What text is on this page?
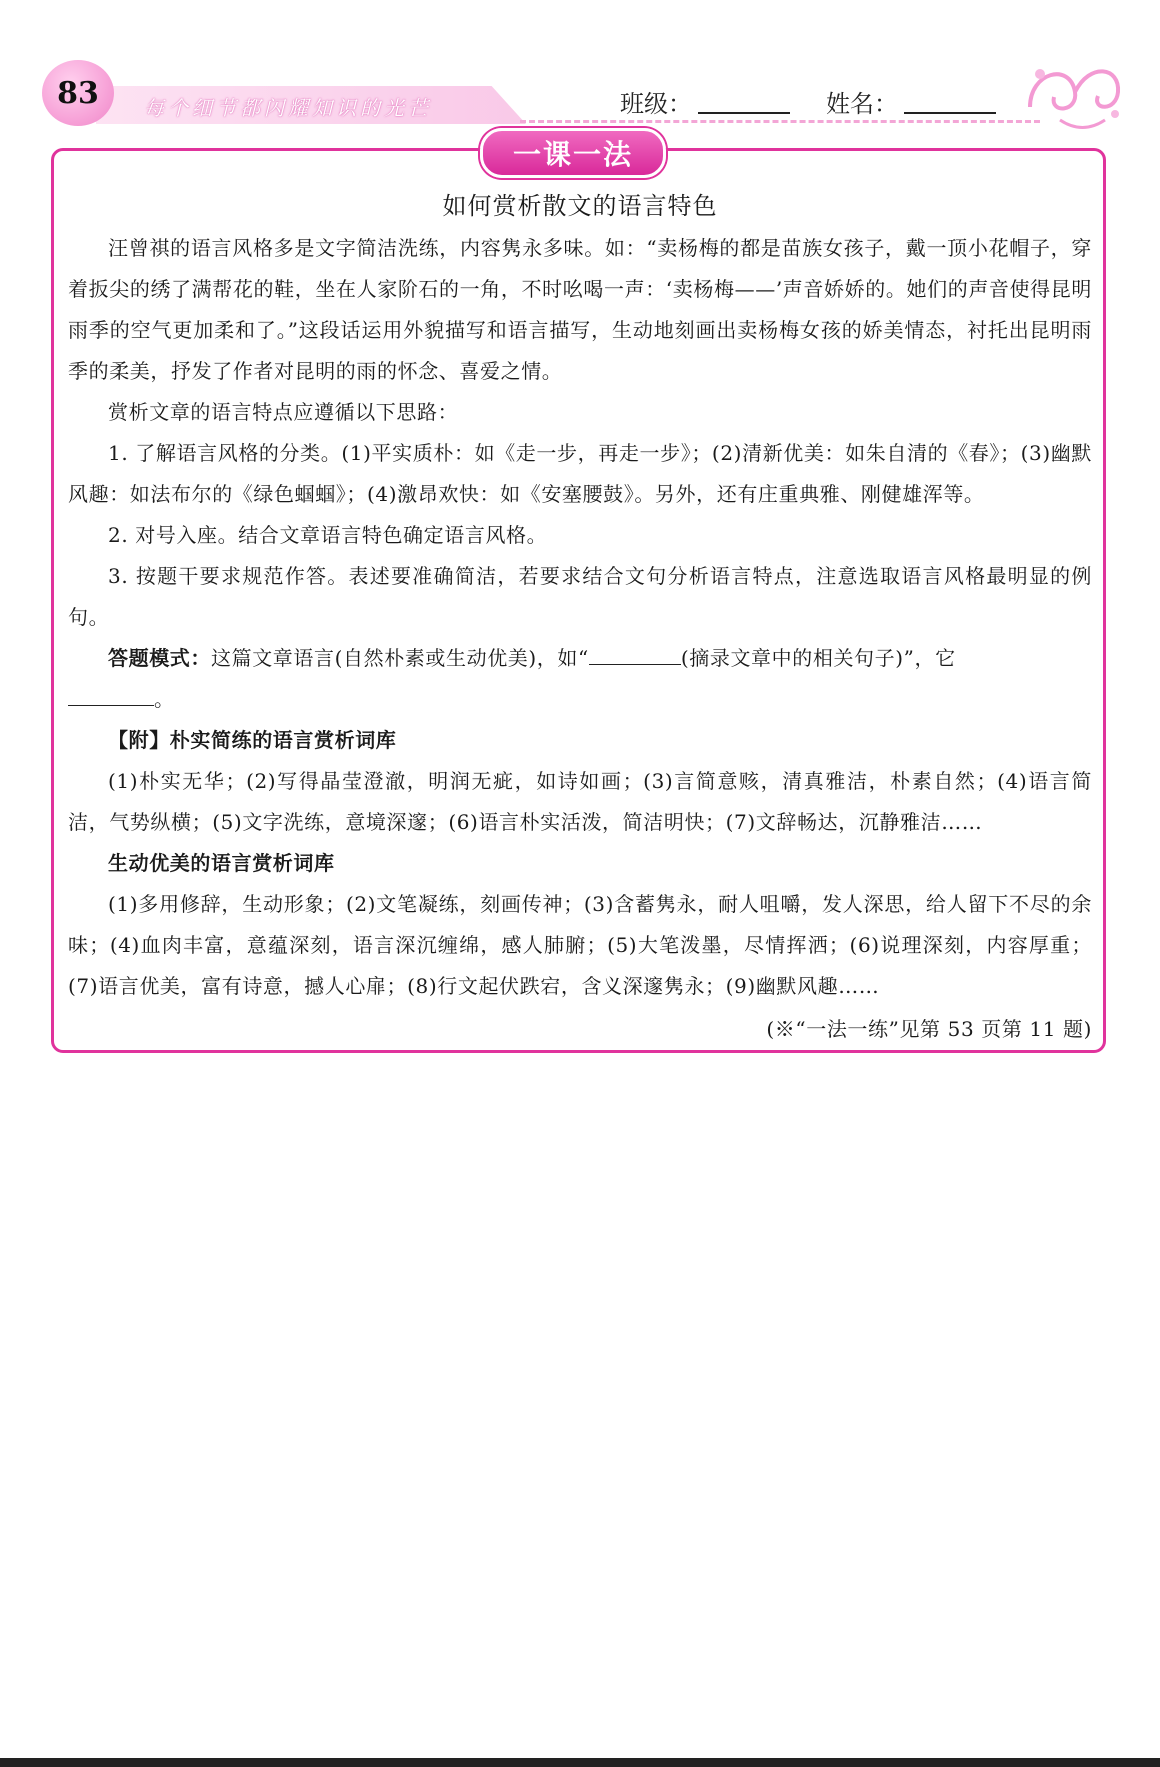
83	每个细节都闪耀知识的光芒	班级：	姓名：
一课一法
如何赏析散文的语言特色

汪曾祺的语言风格多是文字简洁洗练，内容隽永多味。如：“卖杨梅的都是苗族女孩子，戴一顶小花帽子，穿着扳尖的绣了满帮花的鞋，坐在人家阶石的一角，不时吆喝一声：‘卖杨梅——’声音娇娇的。她们的声音使得昆明雨季的空气更加柔和了。”这段话运用外貌描写和语言描写，生动地刻画出卖杨梅女孩的娇美情态，衬托出昆明雨季的柔美，抒发了作者对昆明的雨的怀念、喜爱之情。

赏析文章的语言特点应遵循以下思路：

1. 了解语言风格的分类。(1)平实质朴：如《走一步，再走一步》；(2)清新优美：如朱自清的《春》；(3)幽默风趣：如法布尔的《绿色蝈蝈》；(4)激昂欢快：如《安塞腰鼓》。另外，还有庄重典雅、刚健雄浑等。

2. 对号入座。结合文章语言特色确定语言风格。

3. 按题干要求规范作答。表述要准确简洁，若要求结合文句分析语言特点，注意选取语言风格最明显的例句。

答题模式：这篇文章语言(自然朴素或生动优美)，如“	(摘录文章中的相关句子)”，它

。

【附】朴实简练的语言赏析词库

(1)朴实无华；(2)写得晶莹澄澈，明润无疵，如诗如画；(3)言简意赅，清真雅洁，朴素自然；(4)语言简洁，气势纵横；(5)文字洗练，意境深邃；(6)语言朴实活泼，简洁明快；(7)文辞畅达，沉静雅洁……

生动优美的语言赏析词库

(1)多用修辞，生动形象；(2)文笔凝练，刻画传神；(3)含蓄隽永，耐人咀嚼，发人深思，给人留下不尽的余味；(4)血肉丰富，意蕴深刻，语言深沉缠绵，感人肺腑；(5)大笔泼墨，尽情挥洒；(6)说理深刻，内容厚重；(7)语言优美，富有诗意，撼人心扉；(8)行文起伏跌宕，含义深邃隽永；(9)幽默风趣……

(※“一法一练”见第 53 页第 11 题)
